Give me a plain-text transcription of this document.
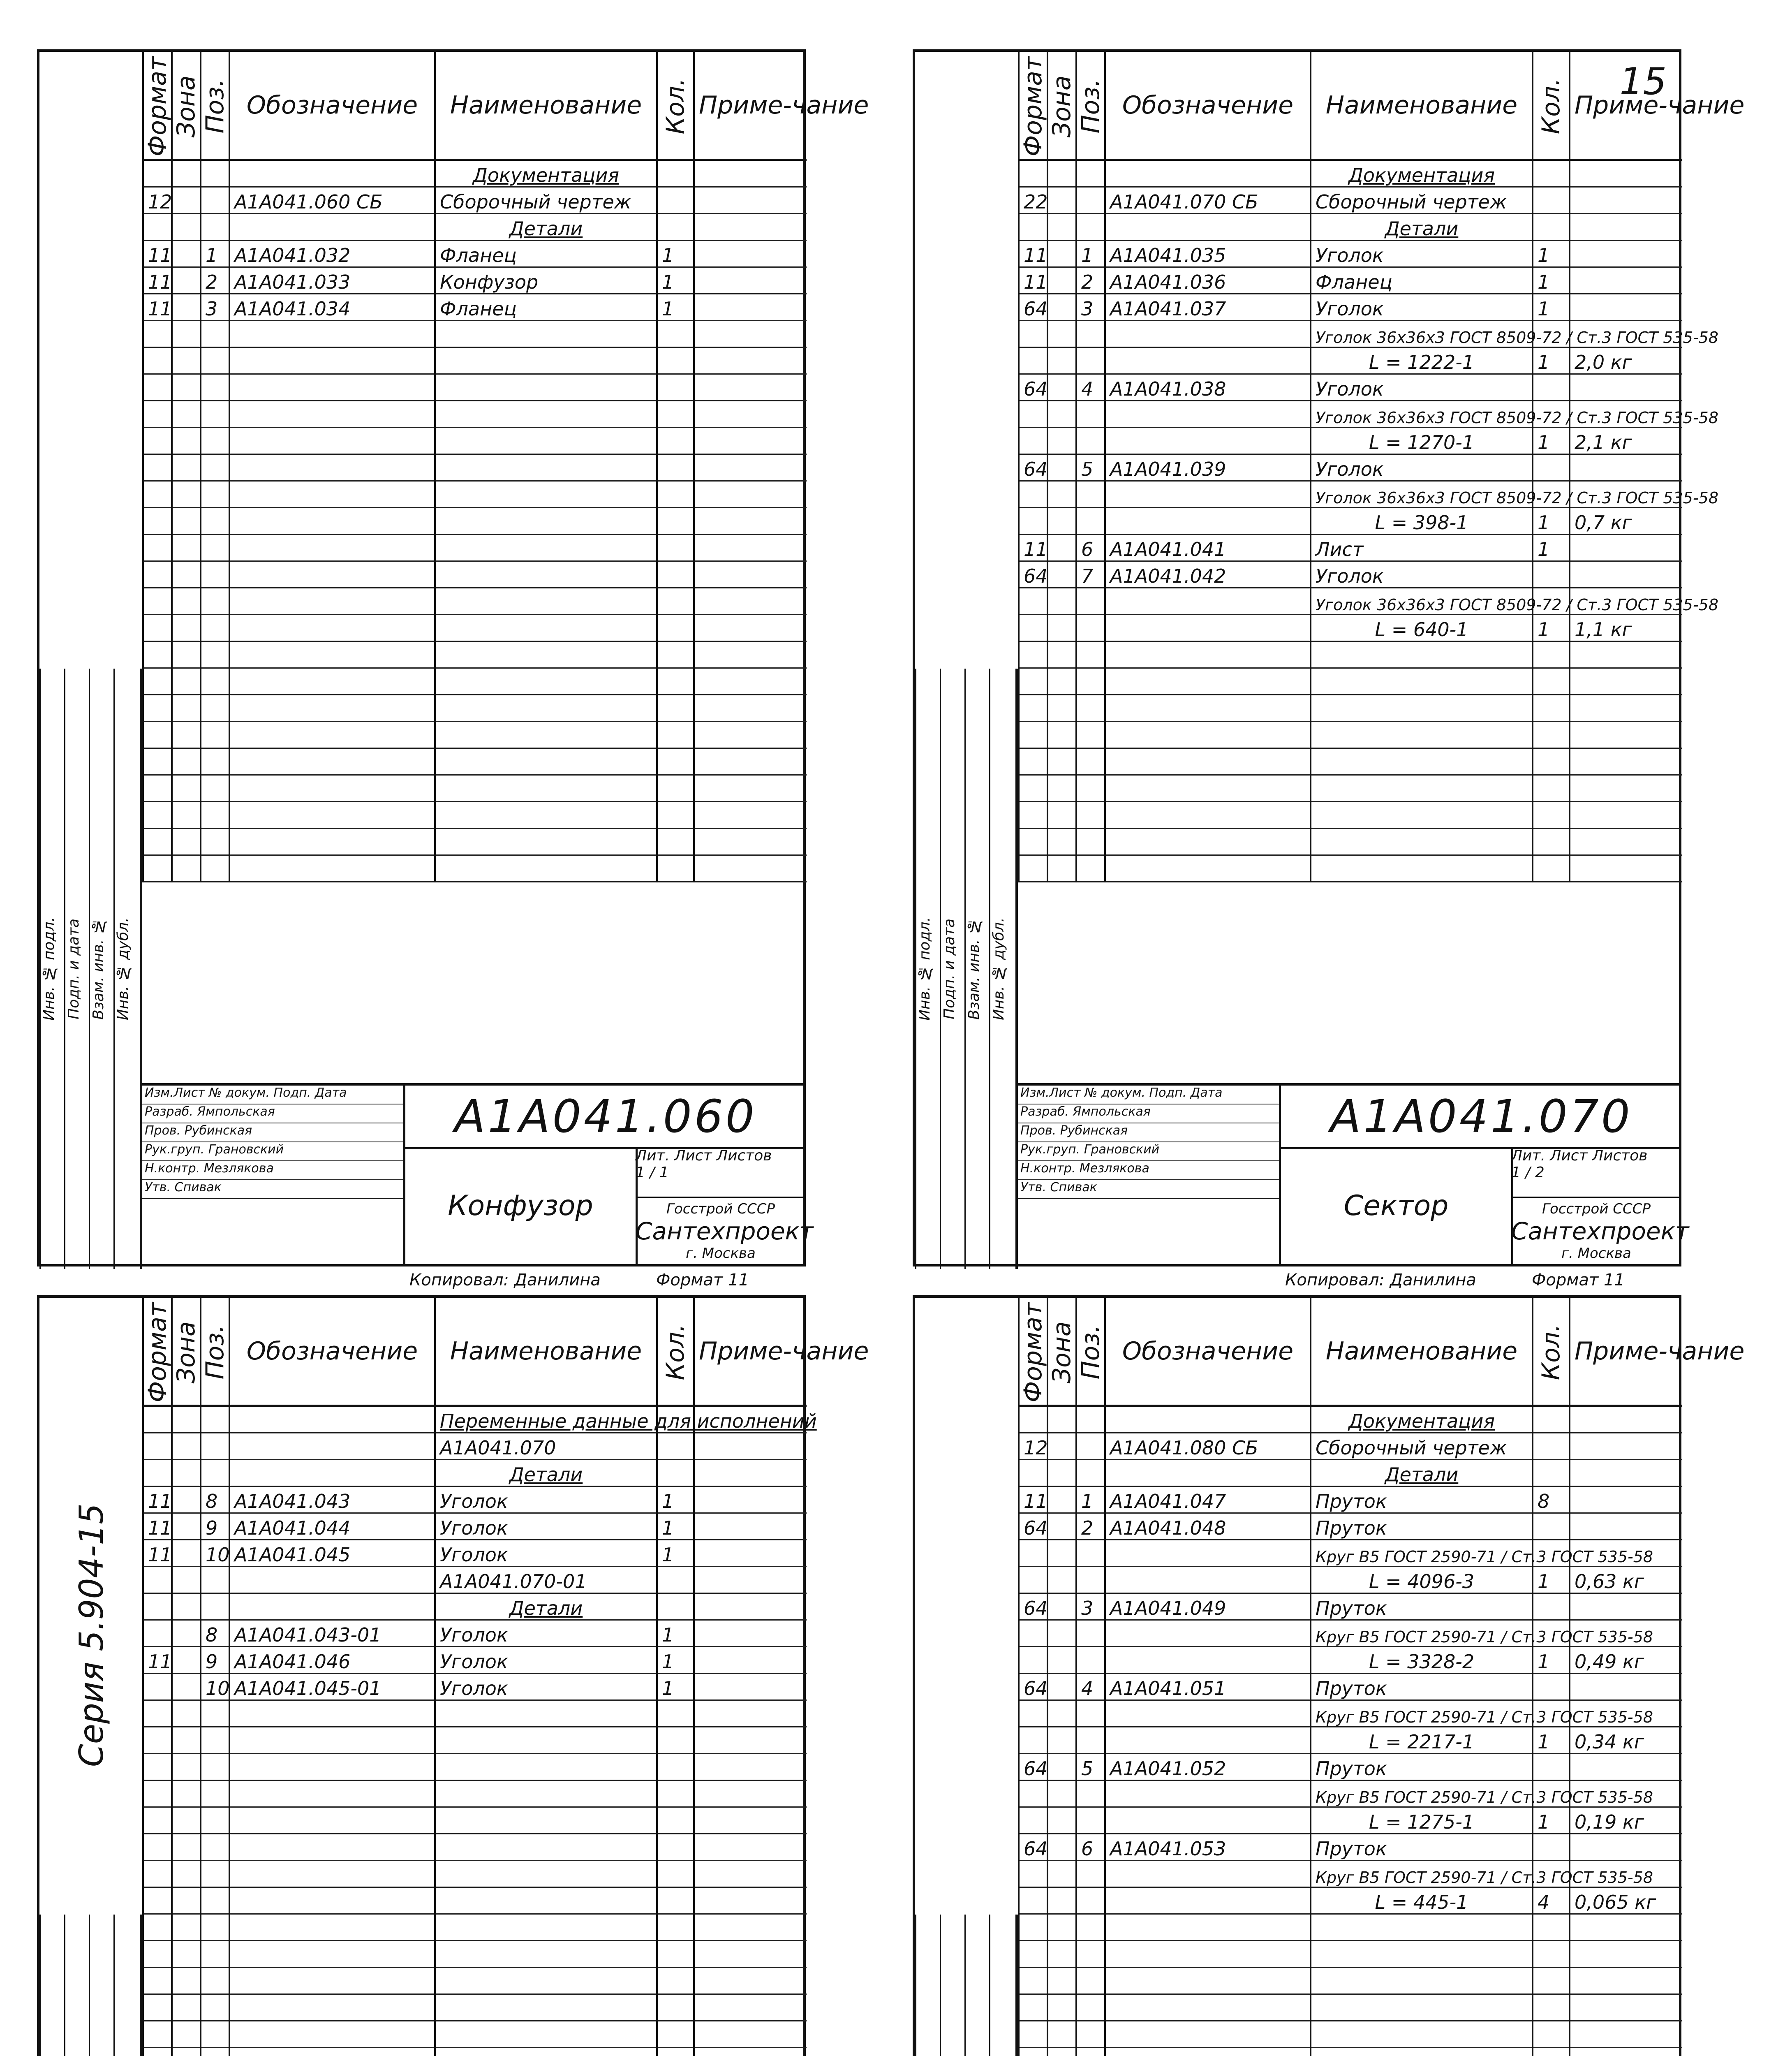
Инв. № подл. Подп. и дата Взам. инв. № Инв. № дубл.
Формат	Зона	Поз.	Обозначение	Наименование	Кол.	Приме-чание
				Документация		
12			А1А041.060 СБ	Сборочный чертеж		
				Детали		
11		1	А1А041.032	Фланец	1	
11		2	А1А041.033	Конфузор	1	
11		3	А1А041.034	Фланец	1	

Изм.Лист № докум. Подп. Дата
Разраб. Ямпольская
Пров. Рубинская
Рук.груп. Грановский
Н.контр. Мезлякова
Утв. Спивак
А1А041.060
Конфузор
Лит. Лист Листов
1 / 1
Госстрой СССР
Сантехпроект
г. Москва
Копировал: Данилина	Формат 11
15
Инв. № подл. Подп. и дата Взам. инв. № Инв. № дубл.
Формат	Зона	Поз.	Обозначение	Наименование	Кол.	Приме-чание
				Документация		
22			А1А041.070 СБ	Сборочный чертеж		
				Детали		
11		1	А1А041.035	Уголок	1	
11		2	А1А041.036	Фланец	1	
64		3	А1А041.037	Уголок	1	
				Уголок 36х36х3 ГОСТ 8509-72 / Ст.3 ГОСТ 535-58		
				L = 1222-1	1	2,0 кг
64		4	А1А041.038	Уголок		
				Уголок 36х36х3 ГОСТ 8509-72 / Ст.3 ГОСТ 535-58		
				L = 1270-1	1	2,1 кг
64		5	А1А041.039	Уголок		
				Уголок 36х36х3 ГОСТ 8509-72 / Ст.3 ГОСТ 535-58		
				L = 398-1	1	0,7 кг
11		6	А1А041.041	Лист	1	
64		7	А1А041.042	Уголок		
				Уголок 36х36х3 ГОСТ 8509-72 / Ст.3 ГОСТ 535-58		
				L = 640-1	1	1,1 кг

Изм.Лист № докум. Подп. Дата
Разраб. Ямпольская
Пров. Рубинская
Рук.груп. Грановский
Н.контр. Мезлякова
Утв. Спивак
А1А041.070
Сектор
Лит. Лист Листов
1 / 2
Госстрой СССР
Сантехпроект
г. Москва
Копировал: Данилина	Формат 11
Серия 5.904-15
Формат	Зона	Поз.	Обозначение	Наименование	Кол.	Приме-чание
				Переменные данные для исполнений		
				А1А041.070		
				Детали		
11		8	А1А041.043	Уголок	1	
11		9	А1А041.044	Уголок	1	
11		10	А1А041.045	Уголок	1	
				А1А041.070-01		
				Детали		
		8	А1А041.043-01	Уголок	1	
11		9	А1А041.046	Уголок	1	
		10	А1А041.045-01	Уголок	1	

Формат	Зона	Поз.	Обозначение	Наименование	Кол.	Приме-чание
				Документация		
12			А1А041.080 СБ	Сборочный чертеж		
				Детали		
11		1	А1А041.047	Пруток	8	
64		2	А1А041.048	Пруток		
				Круг В5 ГОСТ 2590-71 / Ст.3 ГОСТ 535-58		
				L = 4096-3	1	0,63 кг
64		3	А1А041.049	Пруток		
				Круг В5 ГОСТ 2590-71 / Ст.3 ГОСТ 535-58		
				L = 3328-2	1	0,49 кг
64		4	А1А041.051	Пруток		
				Круг В5 ГОСТ 2590-71 / Ст.3 ГОСТ 535-58		
				L = 2217-1	1	0,34 кг
64		5	А1А041.052	Пруток		
				Круг В5 ГОСТ 2590-71 / Ст.3 ГОСТ 535-58		
				L = 1275-1	1	0,19 кг
64		6	А1А041.053	Пруток		
				Круг В5 ГОСТ 2590-71 / Ст.3 ГОСТ 535-58		
				L = 445-1	4	0,065 кг
